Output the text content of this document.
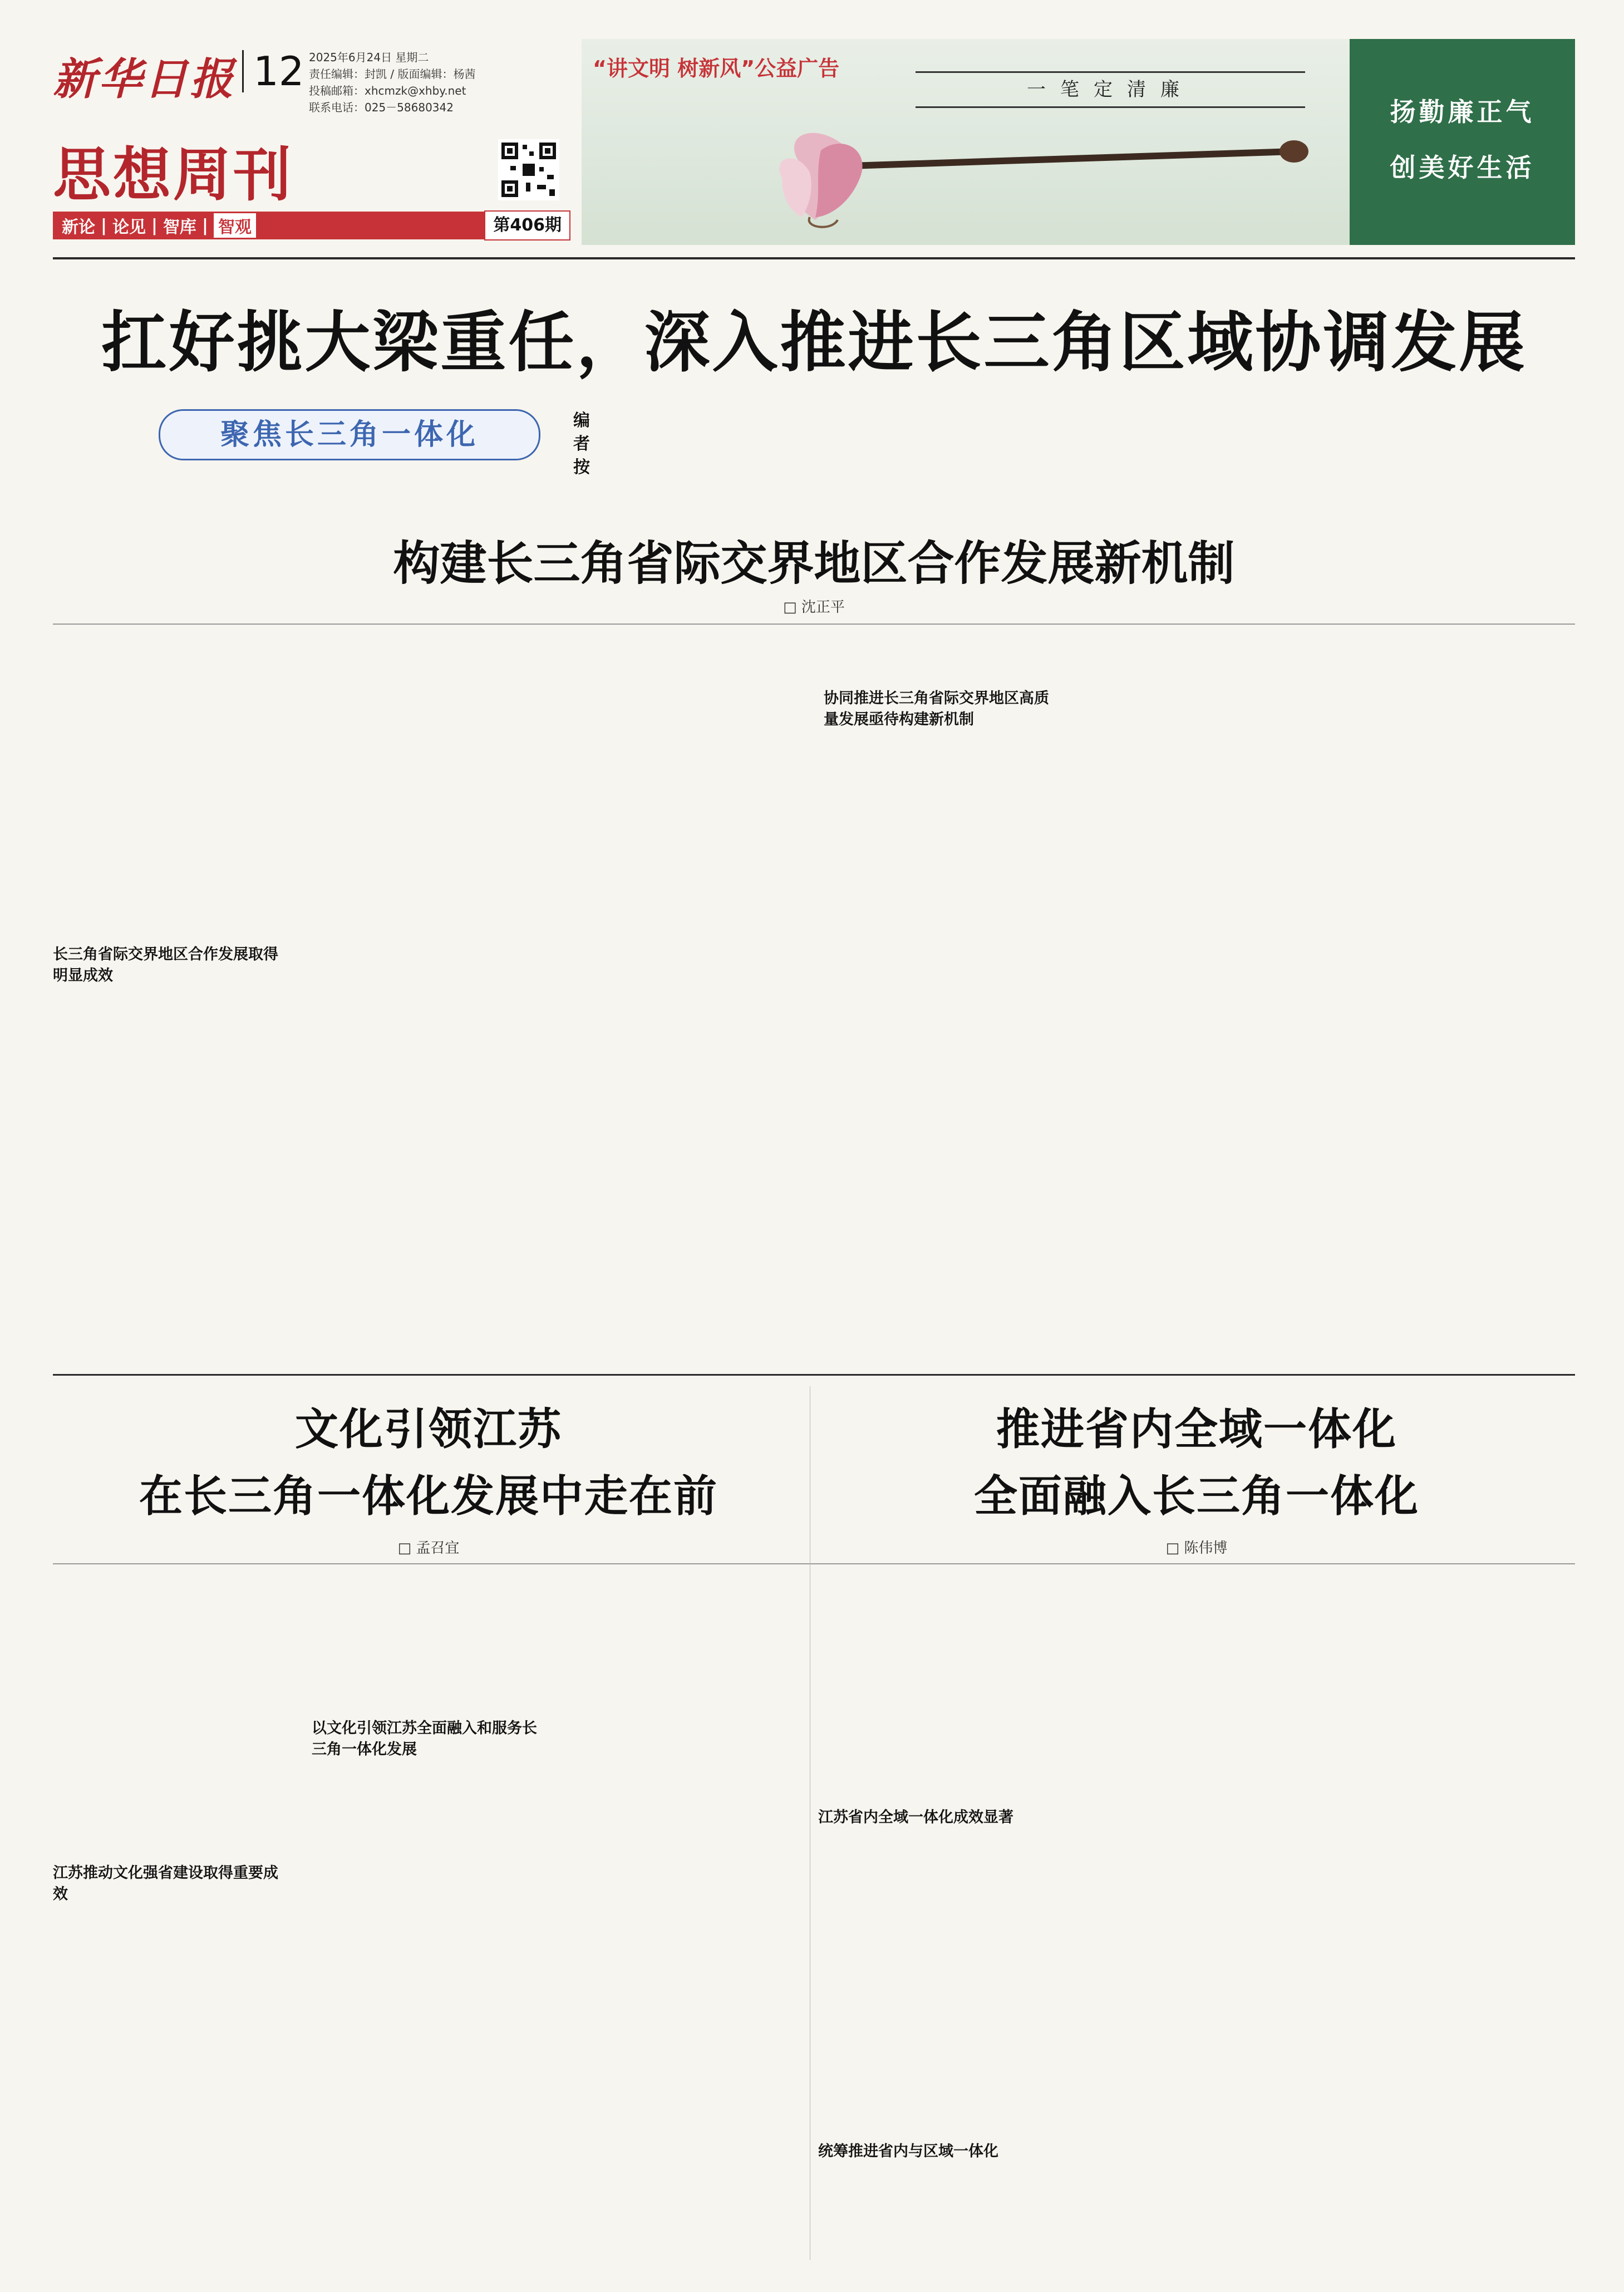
新华日报 12
思想周刊
2025年6月24日 星期二
责任编辑：封凯 / 版面编辑：杨茜
投稿邮箱：xhcmzk@xhby.net
联系电话：025－58680342
新论 | 论见 | 智库 | 智观	第406期
“讲文明 树新风”公益广告
一笔定清廉
扬勤廉正气
创美好生活
扛好挑大梁重任，深入推进长三角区域协调发展
聚焦长三角一体化	编者按
构建长三角省际交界地区合作发展新机制
□ 沈正平

长三角省际交界地区合作发展取得明显成效
协同推进长三角省际交界地区高质量发展亟待构建新机制
文化引领江苏
在长三角一体化发展中走在前
□ 孟召宜
推进省内全域一体化
全面融入长三角一体化
□ 陈伟博
江苏推动文化强省建设取得重要成效
以文化引领江苏全面融入和服务长三角一体化发展
江苏省内全域一体化成效显著
统筹推进省内与区域一体化
